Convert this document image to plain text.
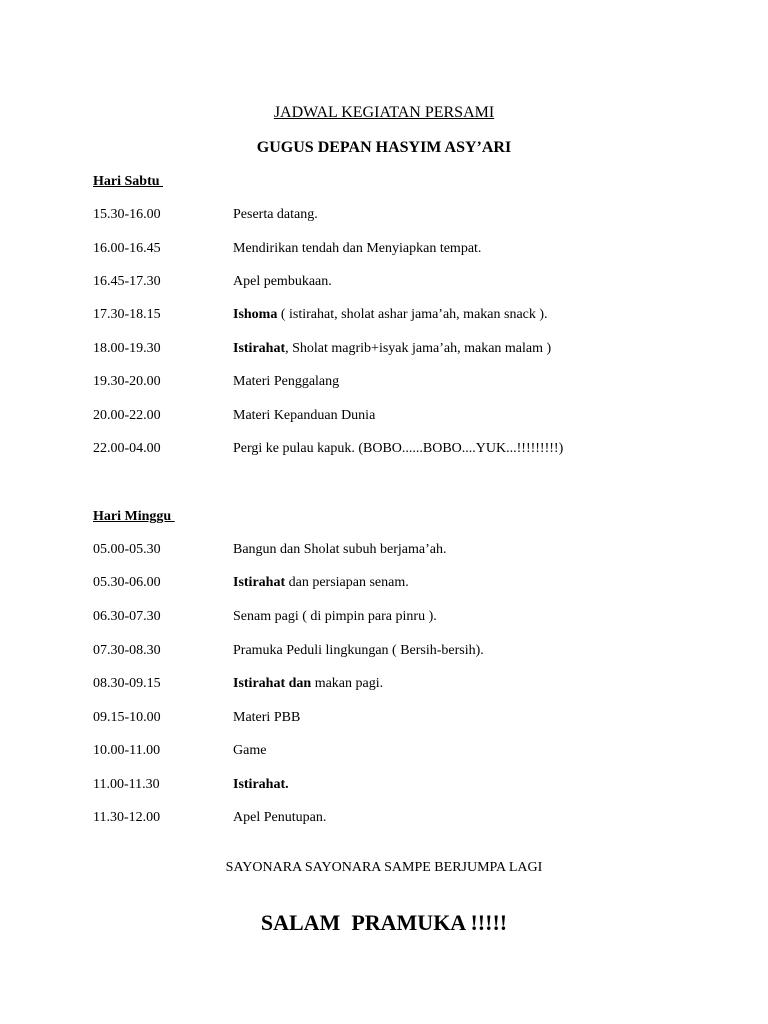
JADWAL KEGIATAN PERSAMI
GUGUS DEPAN HASYIM ASY’ARI
Hari Sabtu
15.30-16.00	Peserta datang.
16.00-16.45	Mendirikan tendah dan Menyiapkan tempat.
16.45-17.30	Apel pembukaan.
17.30-18.15	Ishoma ( istirahat, sholat ashar jama’ah, makan snack ).
18.00-19.30	Istirahat, Sholat magrib+isyak jama’ah, makan malam )
19.30-20.00	Materi Penggalang
20.00-22.00	Materi Kepanduan Dunia
22.00-04.00	Pergi ke pulau kapuk. (BOBO......BOBO....YUK...!!!!!!!!!)
Hari Minggu
05.00-05.30	Bangun dan Sholat subuh berjama’ah.
05.30-06.00	Istirahat dan persiapan senam.
06.30-07.30	Senam pagi ( di pimpin para pinru ).
07.30-08.30	Pramuka Peduli lingkungan ( Bersih-bersih).
08.30-09.15	Istirahat dan makan pagi.
09.15-10.00	Materi PBB
10.00-11.00	Game
11.00-11.30	Istirahat.
11.30-12.00	Apel Penutupan.
SAYONARA SAYONARA SAMPE BERJUMPA LAGI
SALAM  PRAMUKA !!!!!
